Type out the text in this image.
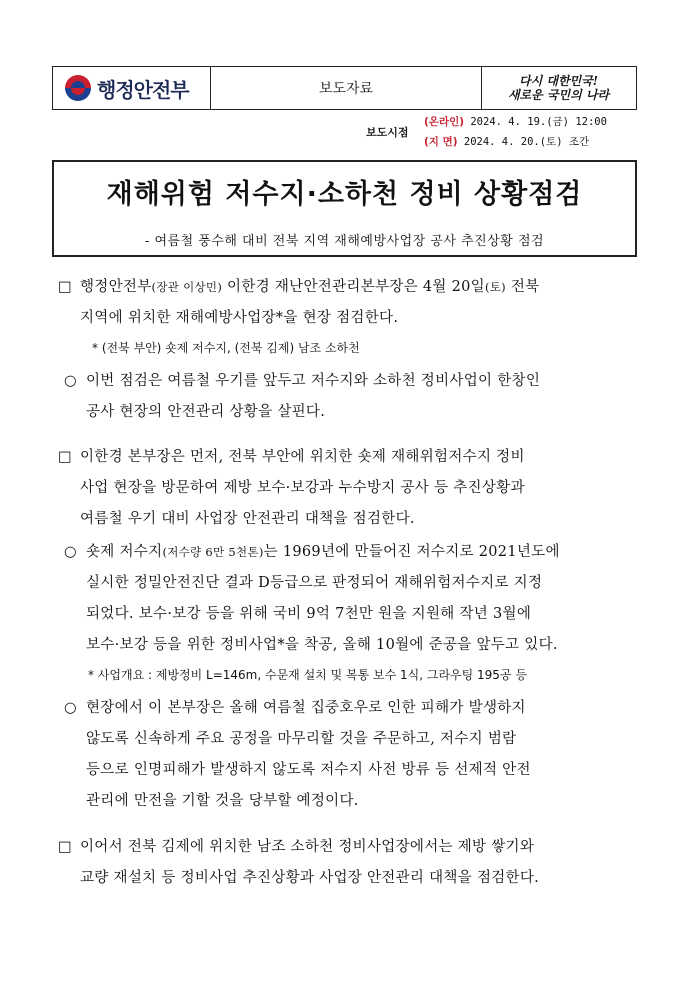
행정안전부	보도자료	다시 대한민국!
새로운 국민의 나라
보도시점
(온라인) 2024. 4. 19.(금) 12:00
(지 면) 2024. 4. 20.(토) 조간
재해위험 저수지·소하천 정비 상황점검
- 여름철 풍수해 대비 전북 지역 재해예방사업장 공사 추진상황 점검
□ 행정안전부(장관 이상민) 이한경 재난안전관리본부장은 4월 20일(토) 전북
지역에 위치한 재해예방사업장*을 현장 점검한다.
* (전북 부안) 숏제 저수지, (전북 김제) 남조 소하천
○ 이번 점검은 여름철 우기를 앞두고 저수지와 소하천 정비사업이 한창인
공사 현장의 안전관리 상황을 살핀다.
□ 이한경 본부장은 먼저, 전북 부안에 위치한 숏제 재해위험저수지 정비
사업 현장을 방문하여 제방 보수·보강과 누수방지 공사 등 추진상황과
여름철 우기 대비 사업장 안전관리 대책을 점검한다.
○ 숏제 저수지(저수량 6만 5천톤)는 1969년에 만들어진 저수지로 2021년도에
실시한 정밀안전진단 결과 D등급으로 판정되어 재해위험저수지로 지정
되었다. 보수·보강 등을 위해 국비 9억 7천만 원을 지원해 작년 3월에
보수·보강 등을 위한 정비사업*을 착공, 올해 10월에 준공을 앞두고 있다.
* 사업개요 : 제방정비 L=146m, 수문재 설치 및 복통 보수 1식, 그라우팅 195공 등
○ 현장에서 이 본부장은 올해 여름철 집중호우로 인한 피해가 발생하지
않도록 신속하게 주요 공정을 마무리할 것을 주문하고, 저수지 범람
등으로 인명피해가 발생하지 않도록 저수지 사전 방류 등 선제적 안전
관리에 만전을 기할 것을 당부할 예정이다.
□ 이어서 전북 김제에 위치한 남조 소하천 정비사업장에서는 제방 쌓기와
교량 재설치 등 정비사업 추진상황과 사업장 안전관리 대책을 점검한다.
